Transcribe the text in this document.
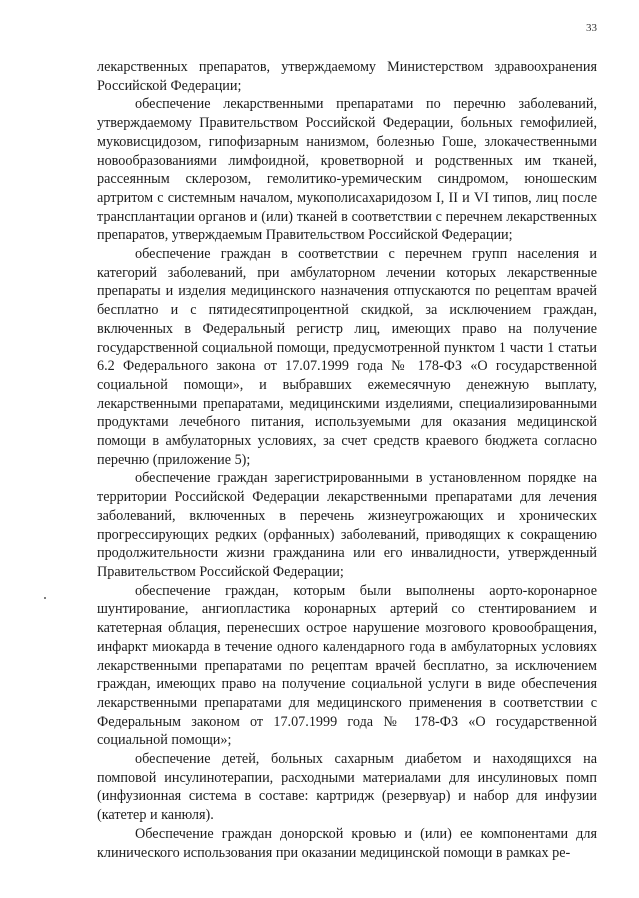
33

лекарственных препаратов, утверждаемому Министерством здравоохранения Российской Федерации;

обеспечение лекарственными препаратами по перечню заболеваний, утверждаемому Правительством Российской Федерации, больных гемофилией, муковисцидозом, гипофизарным нанизмом, болезнью Гоше, злокачественными новообразованиями лимфоидной, кроветворной и родственных им тканей, рассеянным склерозом, гемолитико-уремическим синдромом, юношеским артритом с системным началом, мукополисахаридозом I, II и VI типов, лиц после трансплантации органов и (или) тканей в соответствии с перечнем лекарственных препаратов, утверждаемым Правительством Российской Федерации;

обеспечение граждан в соответствии с перечнем групп населения и категорий заболеваний, при амбулаторном лечении которых лекарственные препараты и изделия медицинского назначения отпускаются по рецептам врачей бесплатно и с пятидесятипроцентной скидкой, за исключением граждан, включенных в Федеральный регистр лиц, имеющих право на получение государственной социальной помощи, предусмотренной пунктом 1 части 1 статьи 6.2 Федерального закона от 17.07.1999 года № 178-ФЗ «О государственной социальной помощи», и выбравших ежемесячную денежную выплату, лекарственными препаратами, медицинскими изделиями, специализированными продуктами лечебного питания, используемыми для оказания медицинской помощи в амбулаторных условиях, за счет средств краевого бюджета согласно перечню (приложение 5);

обеспечение граждан зарегистрированными в установленном порядке на территории Российской Федерации лекарственными препаратами для лечения заболеваний, включенных в перечень жизнеугрожающих и хронических прогрессирующих редких (орфанных) заболеваний, приводящих к сокращению продолжительности жизни гражданина или его инвалидности, утвержденный Правительством Российской Федерации;

обеспечение граждан, которым были выполнены аорто-коронарное шунтирование, ангиопластика коронарных артерий со стентированием и катетерная облация, перенесших острое нарушение мозгового кровообращения, инфаркт миокарда в течение одного календарного года в амбулаторных условиях лекарственными препаратами по рецептам врачей бесплатно, за исключением граждан, имеющих право на получение социальной услуги в виде обеспечения лекарственными препаратами для медицинского применения в соответствии с Федеральным законом от 17.07.1999 года № 178-ФЗ «О государственной социальной помощи»;

обеспечение детей, больных сахарным диабетом и находящихся на помповой инсулинотерапии, расходными материалами для инсулиновых помп (инфузионная система в составе: картридж (резервуар) и набор для инфузии (катетер и канюля).

Обеспечение граждан донорской кровью и (или) ее компонентами для клинического использования при оказании медицинской помощи в рамках ре-
